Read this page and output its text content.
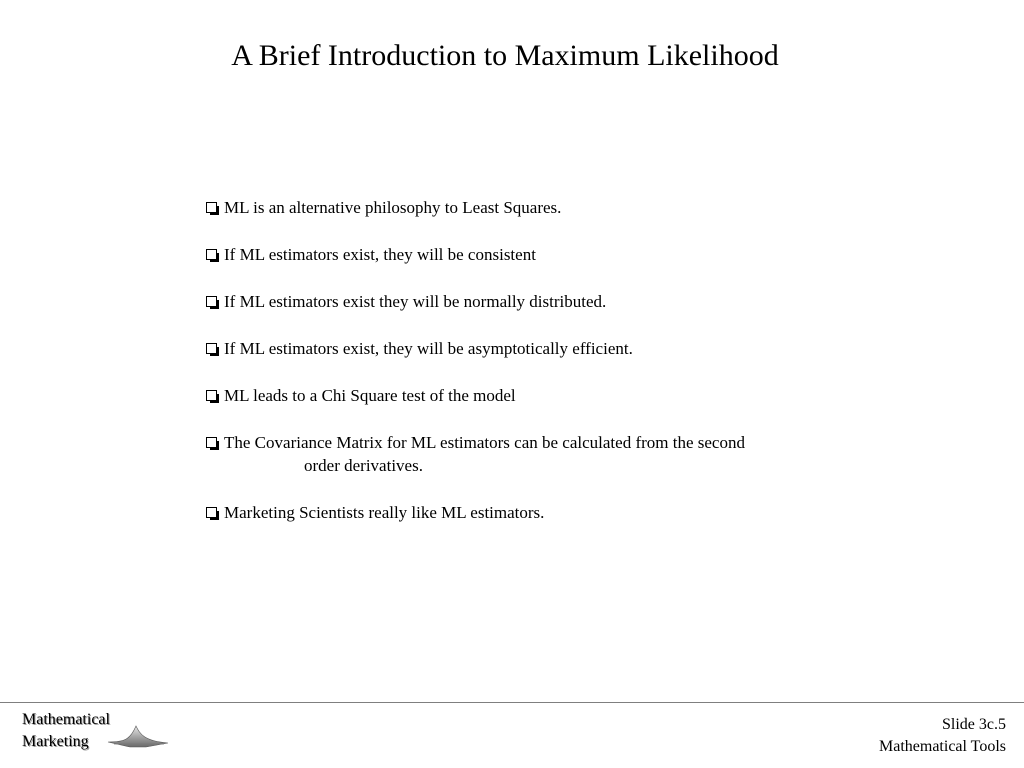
A Brief Introduction to Maximum Likelihood
ML is an alternative philosophy to Least Squares.
If ML estimators exist, they will be consistent
If ML estimators exist they will be normally distributed.
If ML estimators exist, they will be asymptotically efficient.
ML leads to a Chi Square test of the model
The Covariance Matrix for ML estimators can be calculated from the second
order derivatives.
Marketing Scientists really like ML estimators.
Mathematical
Marketing
Slide 3c.5
Mathematical Tools
